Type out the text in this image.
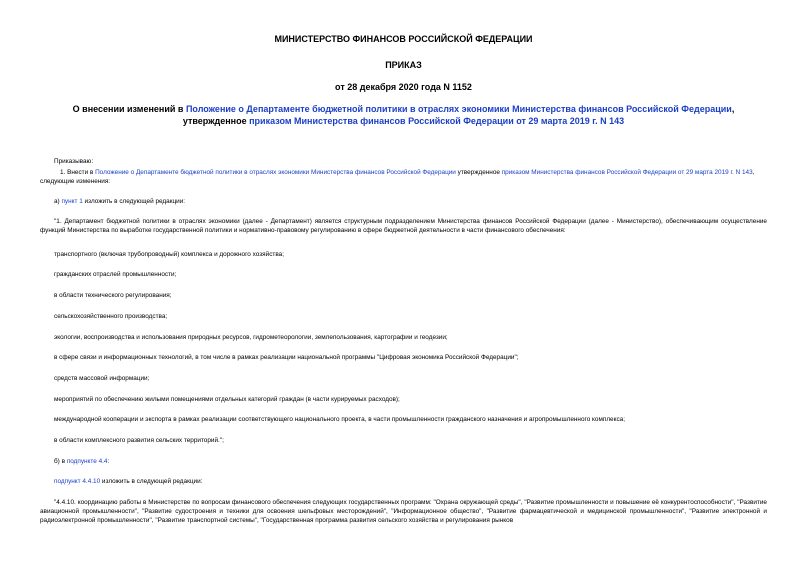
МИНИСТЕРСТВО ФИНАНСОВ РОССИЙСКОЙ ФЕДЕРАЦИИ

ПРИКАЗ

от 28 декабря 2020 года N 1152

О внесении изменений в Положение о Департаменте бюджетной политики в отраслях экономики Министерства финансов Российской Федерации, утвержденное приказом Министерства финансов Российской Федерации от 29 марта 2019 г. N 143

Приказываю:

1. Внести в Положение о Департаменте бюджетной политики в отраслях экономики Министерства финансов Российской Федерации утвержденное приказом Министерства финансов Российской Федерации от 29 марта 2019 г. N 143, следующие изменения:

а) пункт 1 изложить в следующей редакции:

"1. Департамент бюджетной политики в отраслях экономики (далее - Департамент) является структурным подразделением Министерства финансов Российской Федерации (далее - Министерство), обеспечивающим осуществление функций Министерства по выработке государственной политики и нормативно-правовому регулированию в сфере бюджетной деятельности в части финансового обеспечения:

транспортного (включая трубопроводный) комплекса и дорожного хозяйства;

гражданских отраслей промышленности;

в области технического регулирования;

сельскохозяйственного производства;

экологии, воспроизводства и использования природных ресурсов, гидрометеорологии, землепользования, картографии и геодезии;

в сфере связи и информационных технологий, в том числе в рамках реализации национальной программы "Цифровая экономика Российской Федерации";

средств массовой информации;

мероприятий по обеспечению жилыми помещениями отдельных категорий граждан (в части курируемых расходов);

международной кооперации и экспорта в рамках реализации соответствующего национального проекта, в части промышленности гражданского назначения и агропромышленного комплекса;

в области комплексного развития сельских территорий.";

б) в подпункте 4.4:

подпункт 4.4.10 изложить в следующей редакции:

"4.4.10. координацию работы в Министерстве по вопросам финансового обеспечения следующих государственных программ: "Охрана окружающей среды", "Развитие промышленности и повышение её конкурентоспособности", "Развитие авиационной промышленности", "Развитие судостроения и техники для освоения шельфовых месторождений", "Информационное общество", "Развитие фармацевтической и медицинской промышленности", "Развитие электронной и радиоэлектронной промышленности", "Развитие транспортной системы", "Государственная программа развития сельского хозяйства и регулирования рынков
